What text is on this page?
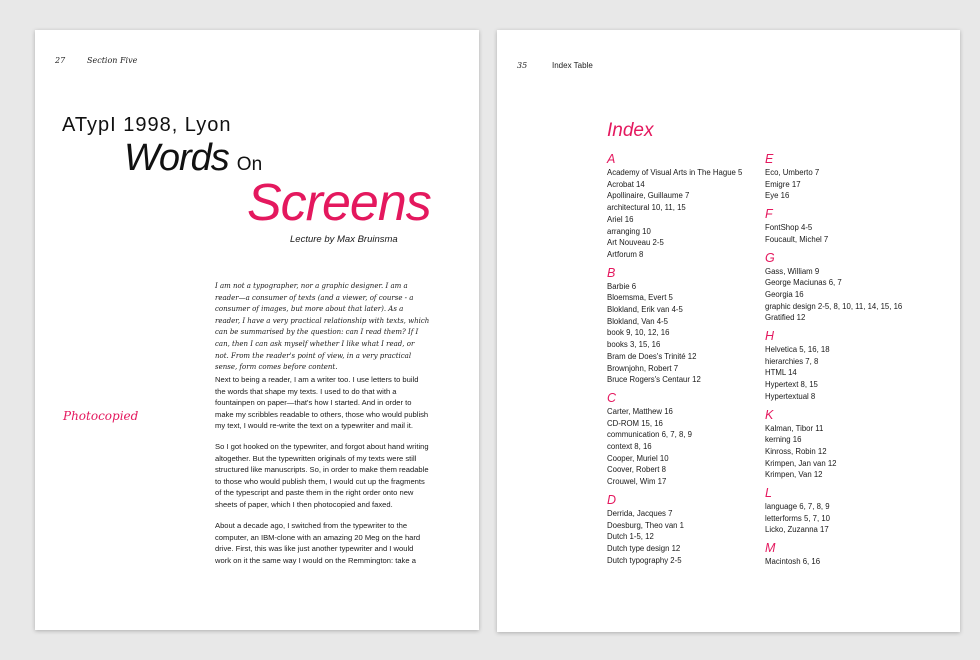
27	Section Five
ATypI 1998, Lyon
Words On
Screens
Lecture by Max Bruinsma
Photocopied

I am not a typographer, nor a graphic designer. I am a reader—a consumer of texts (and a viewer, of course - a consumer of images, but more about that later). As a reader, I have a very practical relationship with texts, which can be summarised by the question: can I read them? If I can, then I can ask myself whether I like what I read, or not. From the reader's point of view, in a very practical sense, form comes before content.

Next to being a reader, I am a writer too. I use letters to build the words that shape my texts. I used to do that with a fountainpen on paper—that's how I started. And in order to make my scribbles readable to others, those who would publish my text, I would re-write the text on a typewriter and mail it.

So I got hooked on the typewriter, and forgot about hand writing altogether. But the typewritten originals of my texts were still structured like manuscripts. So, in order to make them readable to those who would publish them, I would cut up the fragments of the typescript and paste them in the right order onto new sheets of paper, which I then photocopied and faxed.

About a decade ago, I switched from the typewriter to the computer, an IBM-clone with an amazing 20 Meg on the hard drive. First, this was like just another typewriter and I would work on it the same way I would on the Remmington: take a

35	Index Table
Index
A
Academy of Visual Arts in The Hague 5
Acrobat 14
Apollinaire, Guillaume 7
architectural 10, 11, 15
Ariel 16
arranging 10
Art Nouveau 2-5
Artforum 8
B
Barbie 6
Bloemsma, Evert 5
Blokland, Erik van 4-5
Blokland, Van 4-5
book 9, 10, 12, 16
books 3, 15, 16
Bram de Does's Trinité 12
Brownjohn, Robert 7
Bruce Rogers's Centaur 12
C
Carter, Matthew 16
CD-ROM 15, 16
communication 6, 7, 8, 9
context 8, 16
Cooper, Muriel 10
Coover, Robert 8
Crouwel, Wim 17
D
Derrida, Jacques 7
Doesburg, Theo van 1
Dutch 1-5, 12
Dutch type design 12
Dutch typography 2-5
E
Eco, Umberto 7
Emigre 17
Eye 16
F
FontShop 4-5
Foucault, Michel 7
G
Gass, William 9
George Maciunas 6, 7
Georgia 16
graphic design 2-5, 8, 10, 11, 14, 15, 16
Gratified 12
H
Helvetica 5, 16, 18
hierarchies 7, 8
HTML 14
Hypertext 8, 15
Hypertextual 8
K
Kalman, Tibor 11
kerning 16
Kinross, Robin 12
Krimpen, Jan van 12
Krimpen, Van 12
L
language 6, 7, 8, 9
letterforms 5, 7, 10
Licko, Zuzanna 17
M
Macintosh 6, 16
